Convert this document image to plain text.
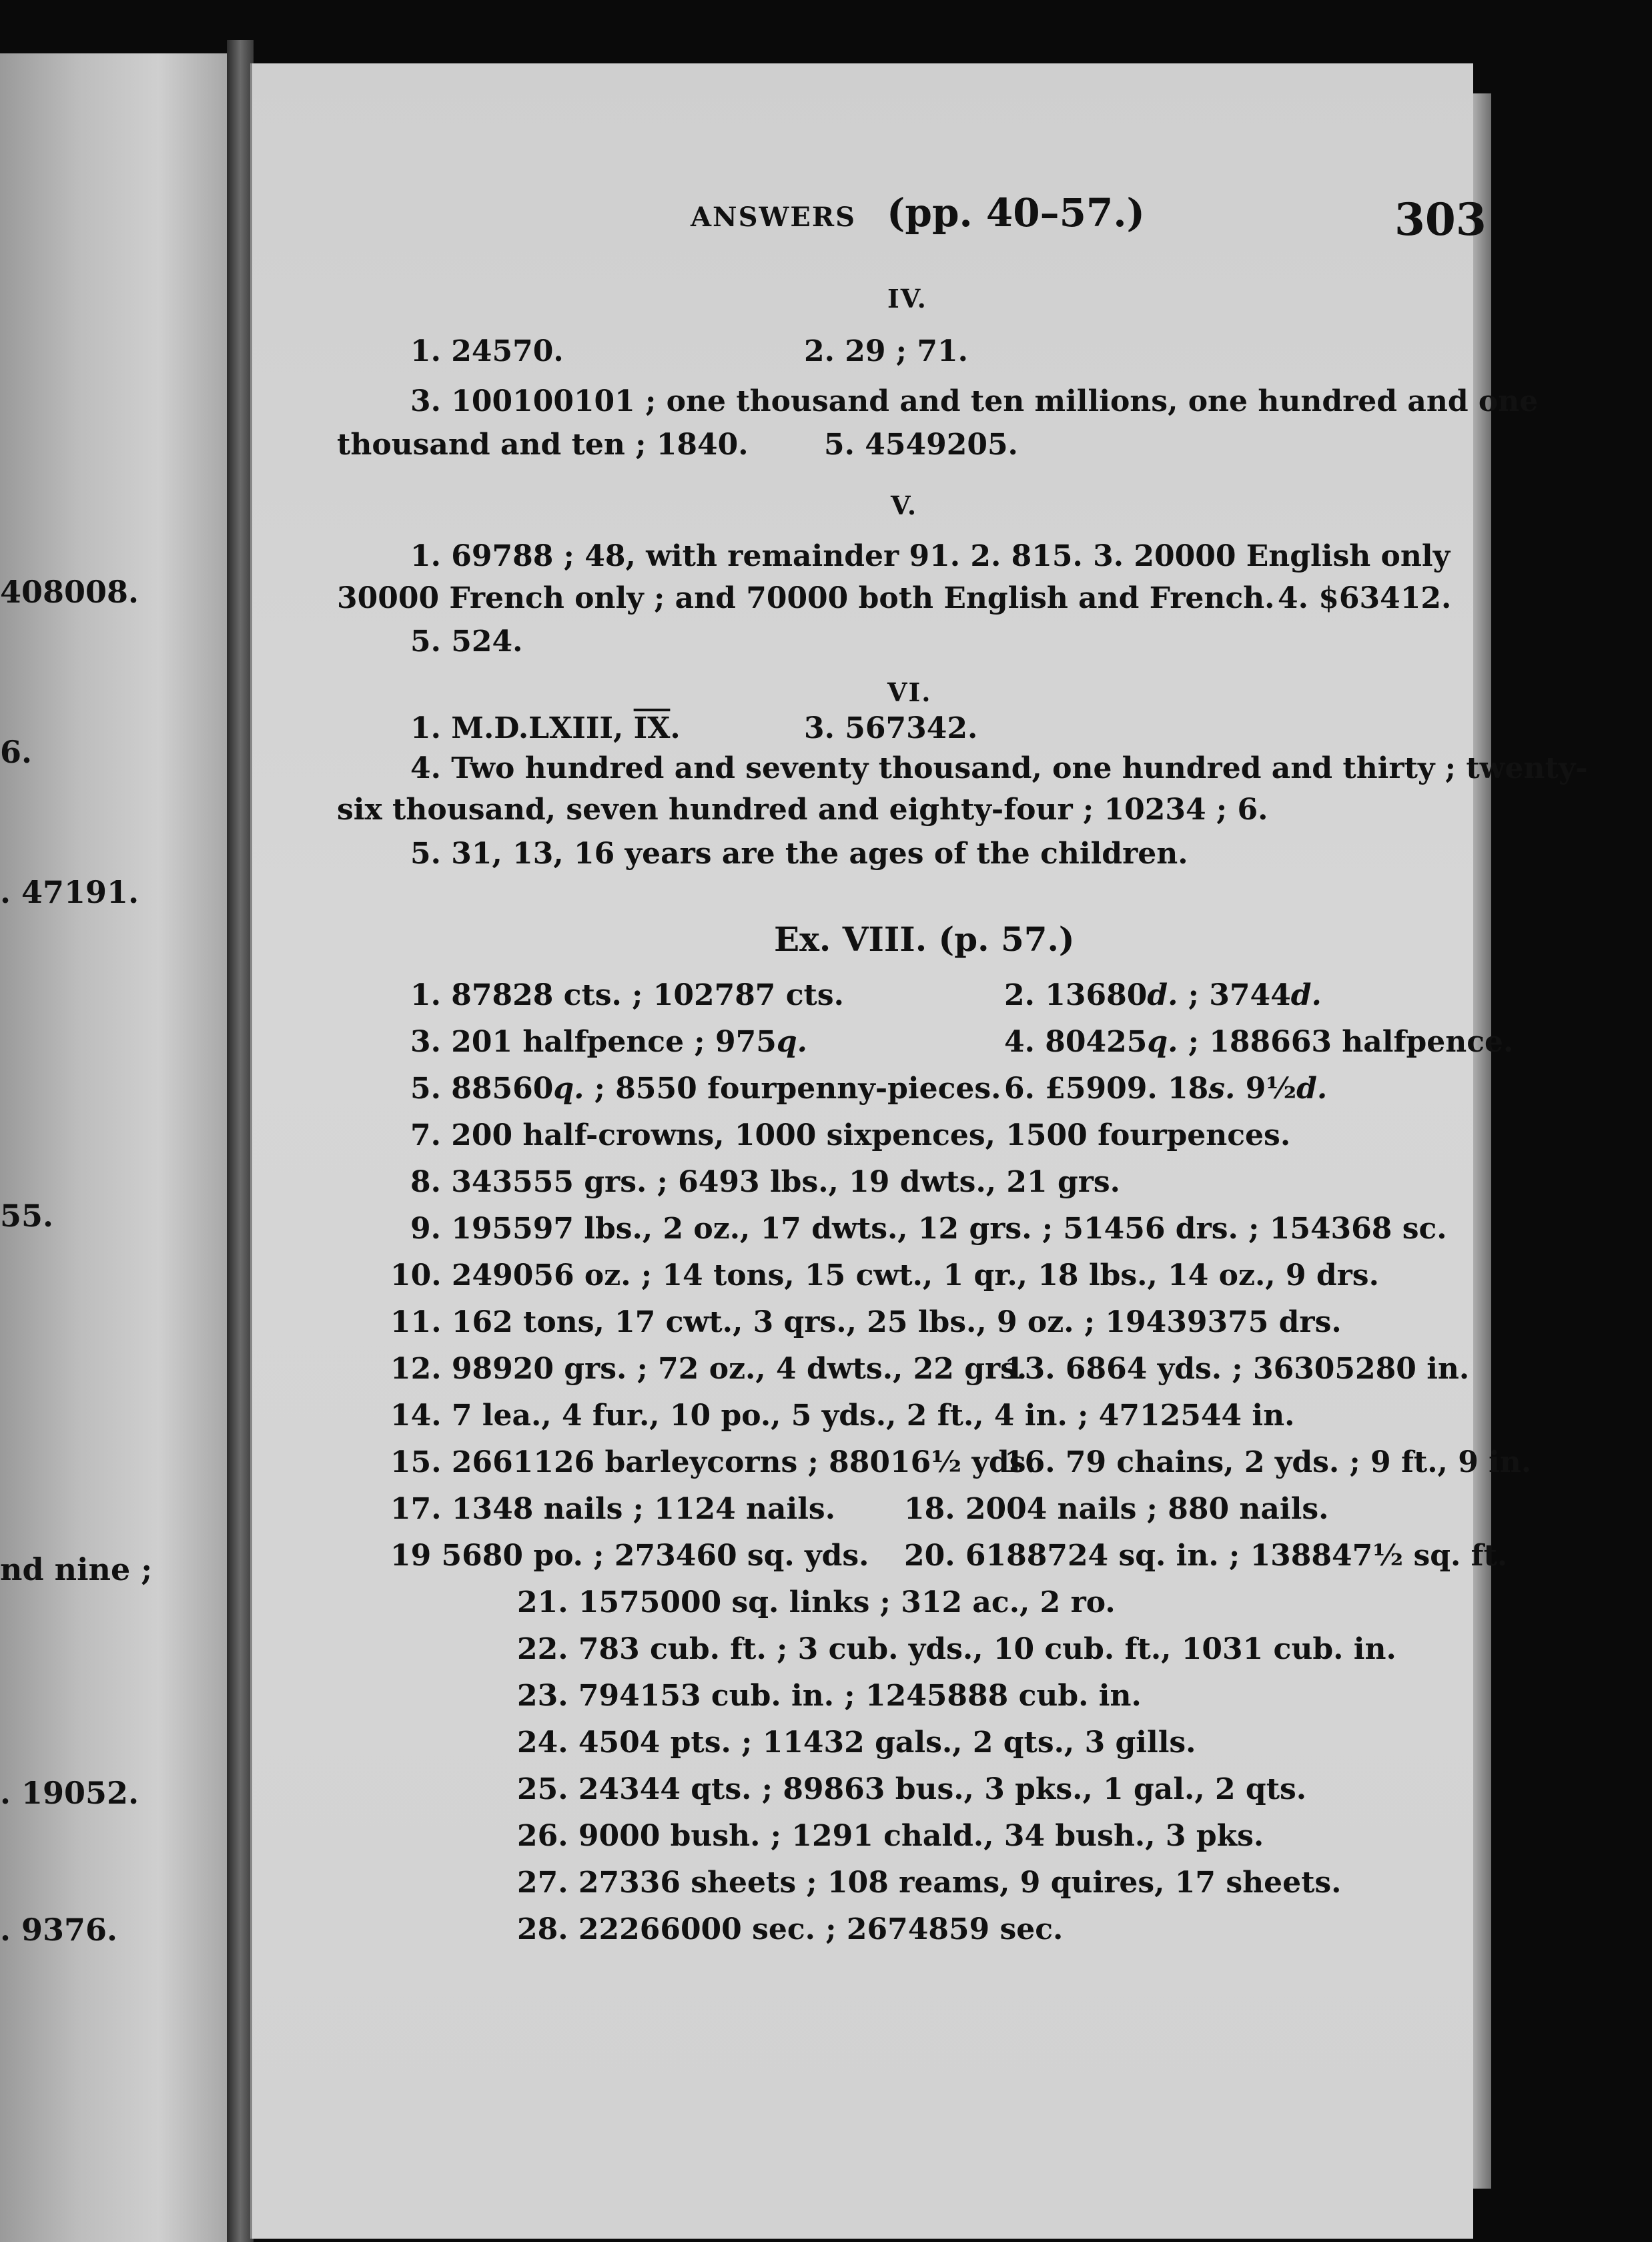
408008.
6.
. 47191.
55.
nd nine ;
. 19052.
. 9376.
ANSWERS (pp. 40–57.)	303
IV.
1. 24570.	2. 29 ; 71.
3. 100100101 ; one thousand and ten millions, one hundred and one
thousand and ten ; 1840.	5. 4549205.
V.
1. 69788 ; 48, with remainder 91. 2. 815. 3. 20000 English only
30000 French only ; and 70000 both English and French. 4. $63412.
5. 524.
VI.
1. M.D.LXIII, $\overline{IX}$.	3. 567342.
4. Two hundred and seventy thousand, one hundred and thirty ; twenty-
six thousand, seven hundred and eighty-four ; 10234 ; 6.
5. 31, 13, 16 years are the ages of the children.
Ex. VIII. (p. 57.)
1. 87828 cts. ; 102787 cts.	2. 13680d. ; 3744d.
3. 201 halfpence ; 975q.	4. 80425q. ; 188663 halfpence.
5. 88560q. ; 8550 fourpenny-pieces. 6. £5909. 18s. 9½d.
7. 200 half-crowns, 1000 sixpences, 1500 fourpences.
8. 343555 grs. ; 6493 lbs., 19 dwts., 21 grs.
9. 195597 lbs., 2 oz., 17 dwts., 12 grs. ; 51456 drs. ; 154368 sc.
10. 249056 oz. ; 14 tons, 15 cwt., 1 qr., 18 lbs., 14 oz., 9 drs.
11. 162 tons, 17 cwt., 3 qrs., 25 lbs., 9 oz. ; 19439375 drs.
12. 98920 grs. ; 72 oz., 4 dwts., 22 grs.
13. 6864 yds. ; 36305280 in.
14. 7 lea., 4 fur., 10 po., 5 yds., 2 ft., 4 in. ; 4712544 in.
15. 2661126 barleycorns ; 88016½ yds.
16. 79 chains, 2 yds. ; 9 ft., 9 in.
17. 1348 nails ; 1124 nails. 18. 2004 nails ; 880 nails.
19 5680 po. ; 273460 sq. yds. 20. 6188724 sq. in. ; 138847½ sq. ft.
21. 1575000 sq. links ; 312 ac., 2 ro.
22. 783 cub. ft. ; 3 cub. yds., 10 cub. ft., 1031 cub. in.
23. 794153 cub. in. ; 1245888 cub. in.
24. 4504 pts. ; 11432 gals., 2 qts., 3 gills.
25. 24344 qts. ; 89863 bus., 3 pks., 1 gal., 2 qts.
26. 9000 bush. ; 1291 chald., 34 bush., 3 pks.
27. 27336 sheets ; 108 reams, 9 quires, 17 sheets.
28. 22266000 sec. ; 2674859 sec.
